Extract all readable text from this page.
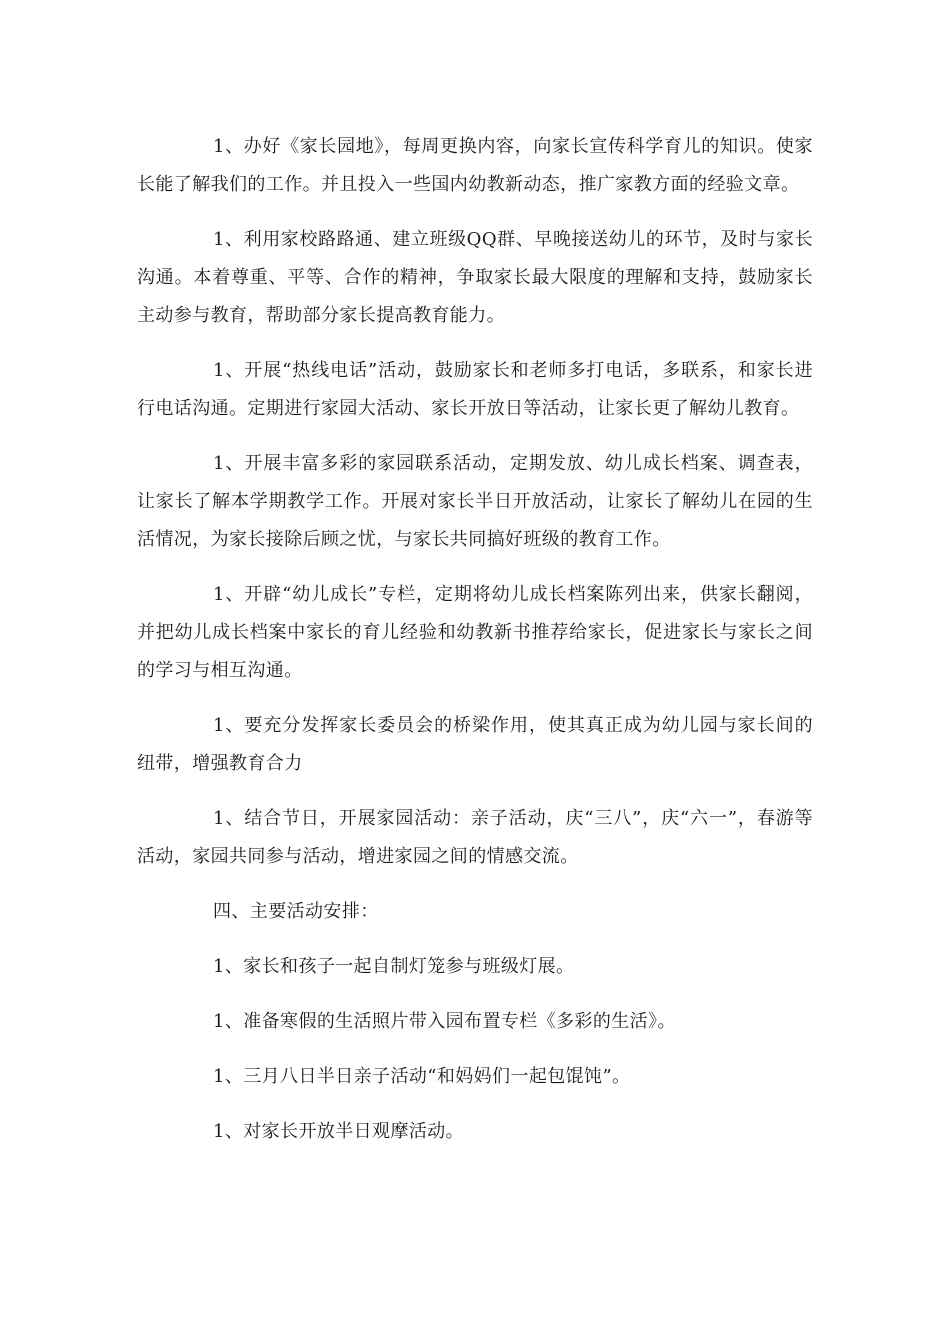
1、办好《家长园地》，每周更换内容，向家长宣传科学育儿的知识。使家长能了解我们的工作。并且投入一些国内幼教新动态，推广家教方面的经验文章。

1、利用家校路路通、建立班级QQ群、早晚接送幼儿的环节，及时与家长沟通。本着尊重、平等、合作的精神，争取家长最大限度的理解和支持，鼓励家长主动参与教育，帮助部分家长提高教育能力。

1、开展“热线电话”活动，鼓励家长和老师多打电话，多联系，和家长进行电话沟通。定期进行家园大活动、家长开放日等活动，让家长更了解幼儿教育。

1、开展丰富多彩的家园联系活动，定期发放、幼儿成长档案、调查表，让家长了解本学期教学工作。开展对家长半日开放活动，让家长了解幼儿在园的生活情况，为家长接除后顾之忧，与家长共同搞好班级的教育工作。

1、开辟“幼儿成长”专栏，定期将幼儿成长档案陈列出来，供家长翻阅，并把幼儿成长档案中家长的育儿经验和幼教新书推荐给家长，促进家长与家长之间的学习与相互沟通。

1、要充分发挥家长委员会的桥梁作用，使其真正成为幼儿园与家长间的纽带，增强教育合力

1、结合节日，开展家园活动：亲子活动，庆“三八”，庆“六一”，春游等活动，家园共同参与活动，增进家园之间的情感交流。

四、主要活动安排：

1、家长和孩子一起自制灯笼参与班级灯展。

1、准备寒假的生活照片带入园布置专栏《多彩的生活》。

1、三月八日半日亲子活动“和妈妈们一起包馄饨”。

1、对家长开放半日观摩活动。
